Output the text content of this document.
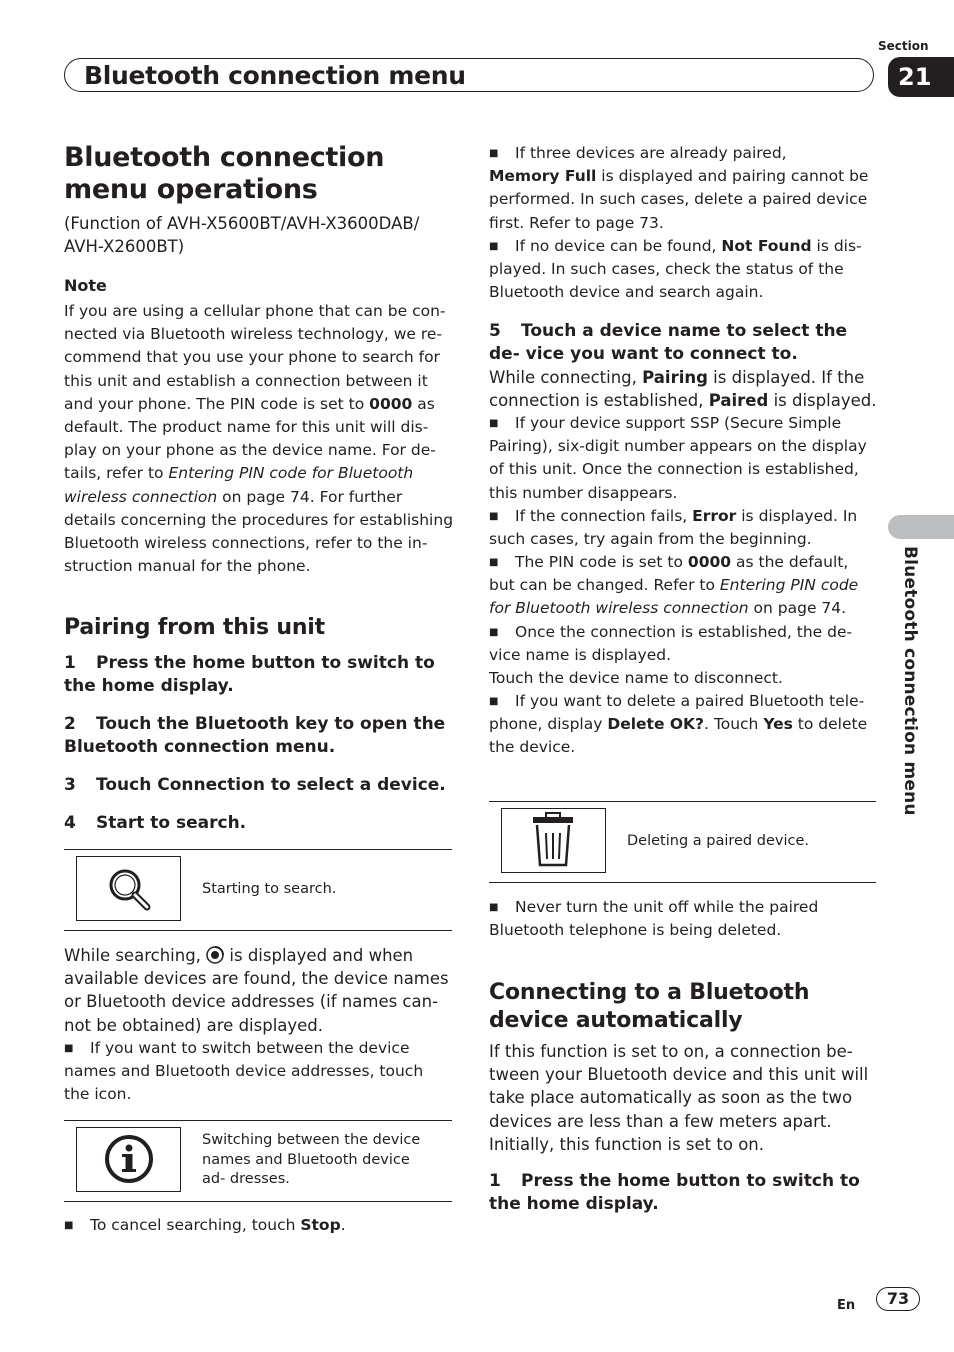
Bluetooth connection menu
Section
21
Bluetooth connection menu
Bluetooth connection menu operations
(Function of AVH-X5600BT/AVH-X3600DAB/ AVH-X2600BT)
Note
If you are using a cellular phone that can be con- nected via Bluetooth wireless technology, we re- commend that you use your phone to search for this unit and establish a connection between it and your phone. The PIN code is set to 0000 as default. The product name for this unit will dis- play on your phone as the device name. For de- tails, refer to Entering PIN code for Bluetooth wireless connection on page 74. For further details concerning the procedures for establishing Bluetooth wireless connections, refer to the in- struction manual for the phone.
Pairing from this unit
1 Press the home button to switch to the home display.
2 Touch the Bluetooth key to open the Bluetooth connection menu.
3 Touch Connection to select a device.
4 Start to search.
Starting to search.
While searching,  is displayed and when available devices are found, the device names or Bluetooth device addresses (if names can- not be obtained) are displayed.
■ If you want to switch between the device names and Bluetooth device addresses, touch the icon.
Switching between the device names and Bluetooth device ad- dresses.
■ To cancel searching, touch Stop.
■ If three devices are already paired,
Memory Full is displayed and pairing cannot be performed. In such cases, delete a paired device first. Refer to page 73.
■ If no device can be found, Not Found is dis- played. In such cases, check the status of the Bluetooth device and search again.
5 Touch a device name to select the de- vice you want to connect to.
While connecting, Pairing is displayed. If the connection is established, Paired is displayed.
■ If your device support SSP (Secure Simple Pairing), six-digit number appears on the display of this unit. Once the connection is established, this number disappears.
■ If the connection fails, Error is displayed. In such cases, try again from the beginning.
■ The PIN code is set to 0000 as the default, but can be changed. Refer to Entering PIN code for Bluetooth wireless connection on page 74.
■ Once the connection is established, the de- vice name is displayed.
Touch the device name to disconnect.
■ If you want to delete a paired Bluetooth tele- phone, display Delete OK?. Touch Yes to delete the device.
Deleting a paired device.
■ Never turn the unit off while the paired Bluetooth telephone is being deleted.
Connecting to a Bluetooth device automatically
If this function is set to on, a connection be- tween your Bluetooth device and this unit will take place automatically as soon as the two devices are less than a few meters apart. Initially, this function is set to on.
1 Press the home button to switch to the home display.
En	73
